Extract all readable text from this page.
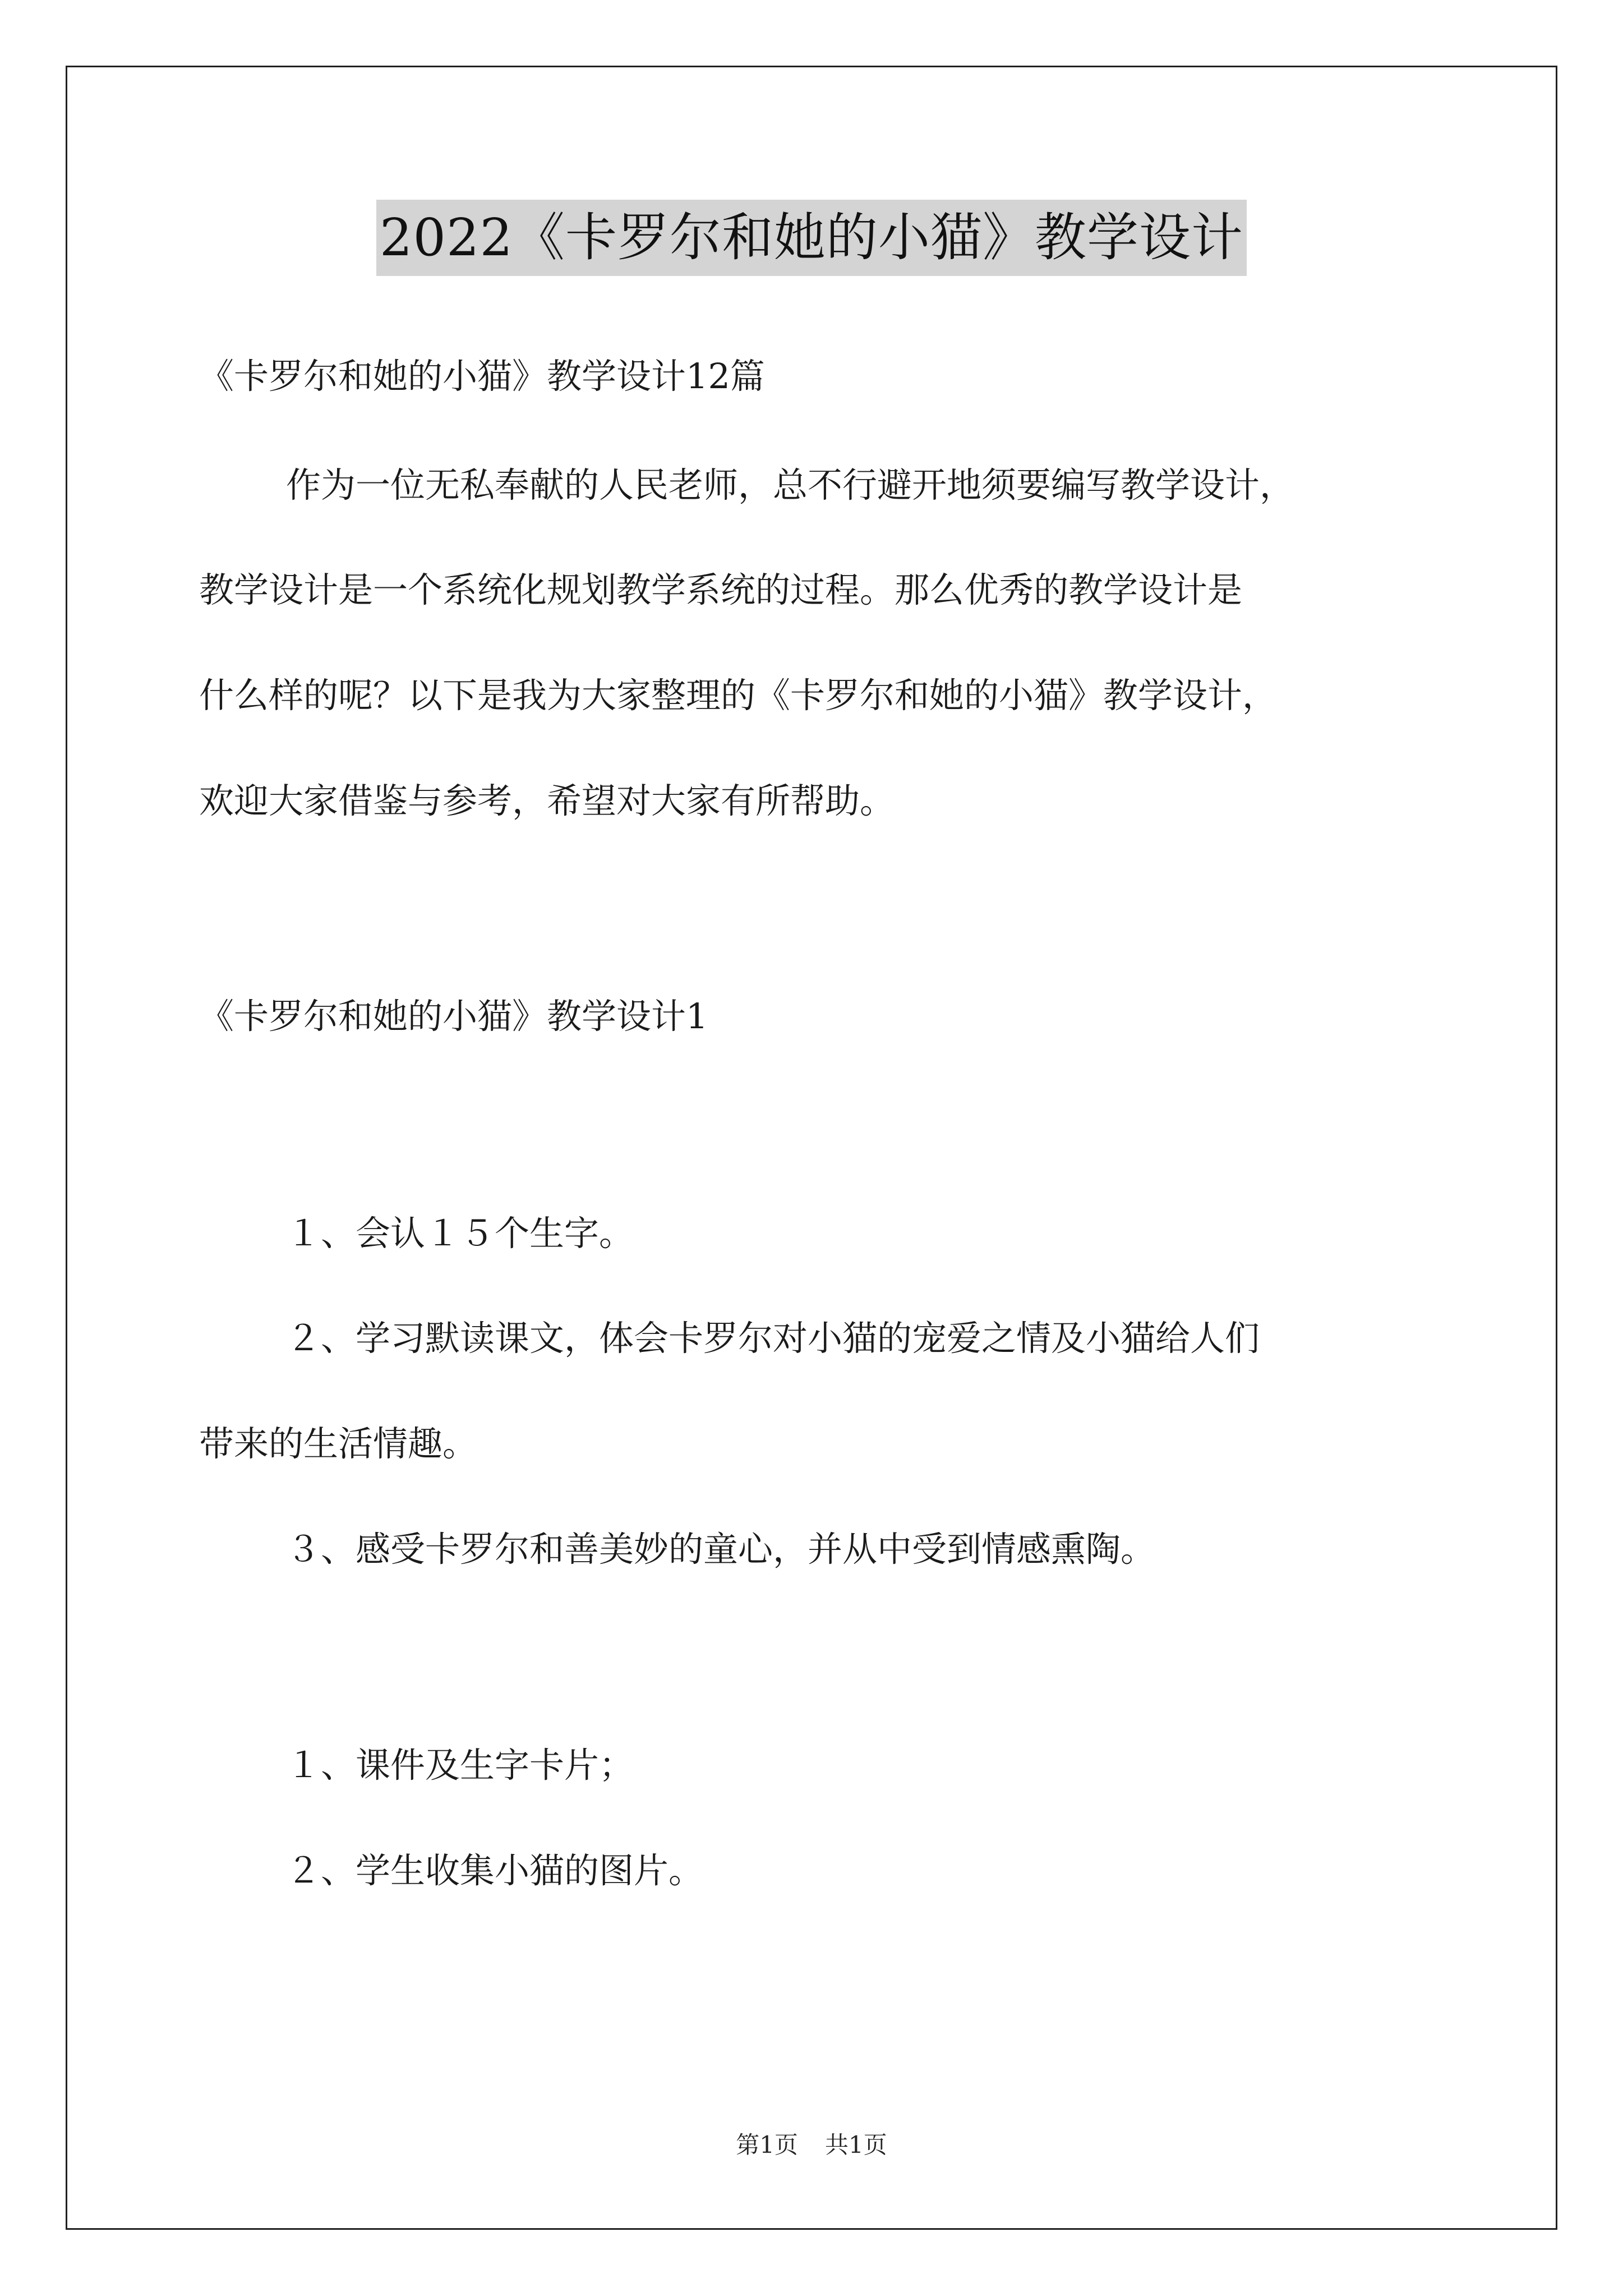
2022《卡罗尔和她的小猫》教学设计
《卡罗尔和她的小猫》教学设计12篇
作为一位无私奉献的人民老师，总不行避开地须要编写教学设计，
教学设计是一个系统化规划教学系统的过程。那么优秀的教学设计是
什么样的呢？以下是我为大家整理的《卡罗尔和她的小猫》教学设计，
欢迎大家借鉴与参考，希望对大家有所帮助。
《卡罗尔和她的小猫》教学设计1
１、会认１５个生字。
２、学习默读课文，体会卡罗尔对小猫的宠爱之情及小猫给人们
带来的生活情趣。
３、感受卡罗尔和善美妙的童心，并从中受到情感熏陶。
１、课件及生字卡片；
２、学生收集小猫的图片。
第1页 共1页
